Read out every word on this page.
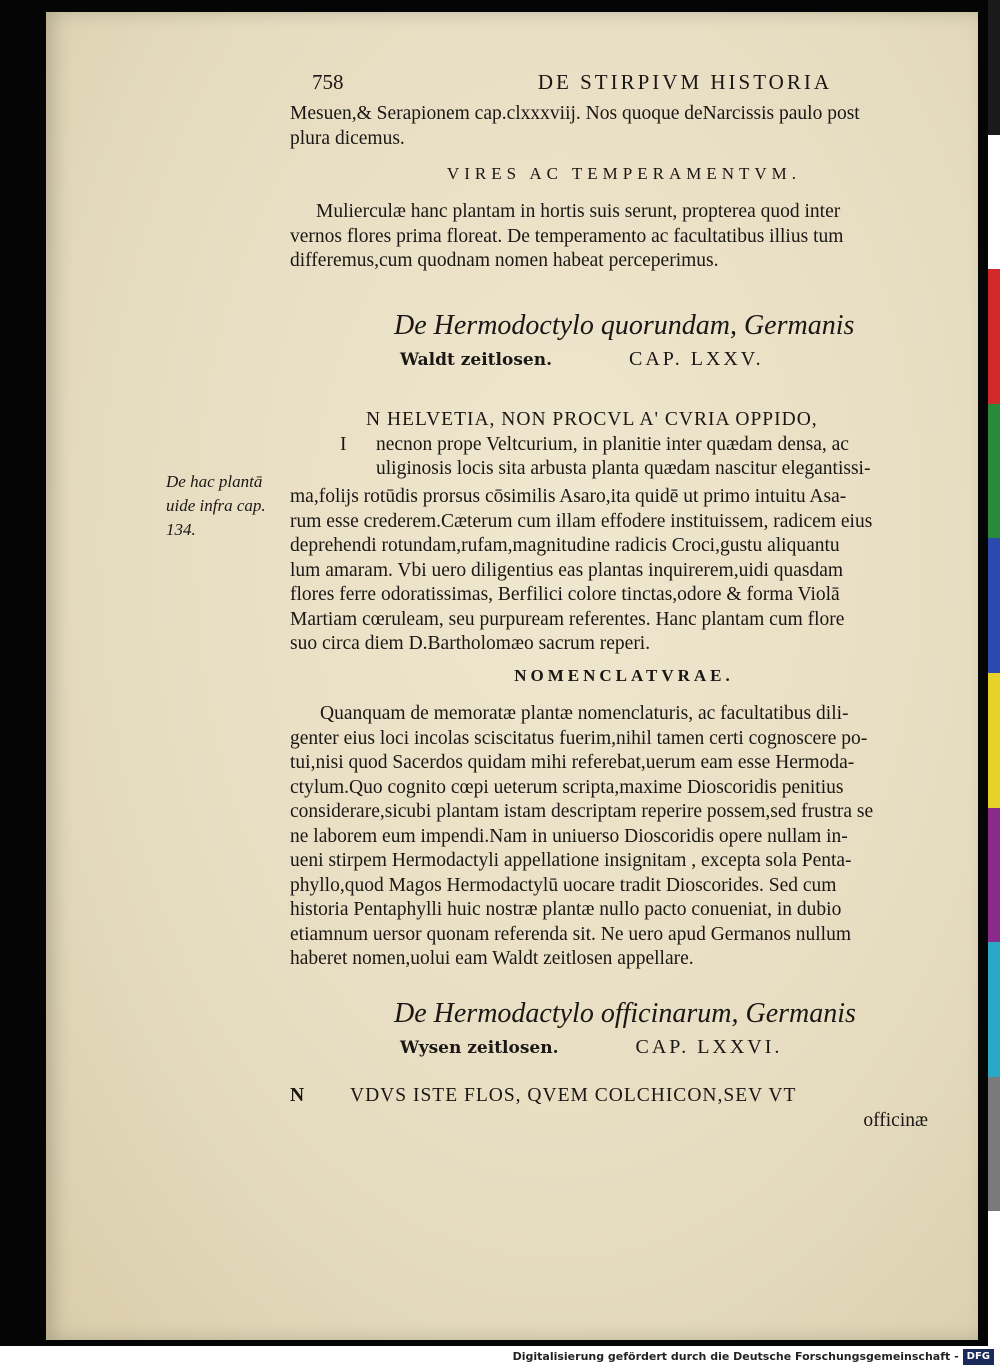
758	DE STIRPIVM HISTORIA
Mesuen,& Serapionem cap.clxxxviij. Nos quoque deNarcissis paulo post
plura dicemus.
VIRES AC TEMPERAMENTVM.
Mulierculæ hanc plantam in hortis suis serunt, propterea quod inter
vernos flores prima floreat. De temperamento ac facultatibus illius tum
differemus,cum quodnam nomen habeat perceperimus.
De Hermodoctylo quorundam, Germanis
Waldt zeitlosen.	CAP. LXXV.
N HELVETIA, NON PROCVL A' CVRIA OPPIDO,
I necnon prope Veltcurium, in planitie inter quædam densa, ac
uliginosis locis sita arbusta planta quædam nascitur elegantissi-
De hac plantā
uide infra cap.
134.
ma,folijs rotūdis prorsus cōsimilis Asaro,ita quidē ut primo intuitu Asa-
rum esse crederem.Cæterum cum illam effodere instituissem, radicem eius
deprehendi rotundam,rufam,magnitudine radicis Croci,gustu aliquantu
lum amaram. Vbi uero diligentius eas plantas inquirerem,uidi quasdam
flores ferre odoratissimas, Berfilici colore tinctas,odore & forma Violā
Martiam cœruleam, seu purpuream referentes. Hanc plantam cum flore
suo circa diem D.Bartholomæo sacrum reperi.
NOMENCLATVRAE.
Quanquam de memoratæ plantæ nomenclaturis, ac facultatibus dili-
genter eius loci incolas sciscitatus fuerim,nihil tamen certi cognoscere po-
tui,nisi quod Sacerdos quidam mihi referebat,uerum eam esse Hermoda-
ctylum.Quo cognito cœpi ueterum scripta,maxime Dioscoridis penitius
considerare,sicubi plantam istam descriptam reperire possem,sed frustra se
ne laborem eum impendi.Nam in uniuerso Dioscoridis opere nullam in-
ueni stirpem Hermodactyli appellatione insignitam , excepta sola Penta-
phyllo,quod Magos Hermodactylū uocare tradit Dioscorides. Sed cum
historia Pentaphylli huic nostræ plantæ nullo pacto conueniat, in dubio
etiamnum uersor quonam referenda sit. Ne uero apud Germanos nullum
haberet nomen,uolui eam Waldt zeitlosen appellare.
De Hermodactylo officinarum, Germanis
Wysen zeitlosen.	CAP. LXXVI.
N VDVS ISTE FLOS, QVEM COLCHICON,SEV VT
officinæ
Digitalisierung gefördert durch die Deutsche Forschungsgemeinschaft - DFG
